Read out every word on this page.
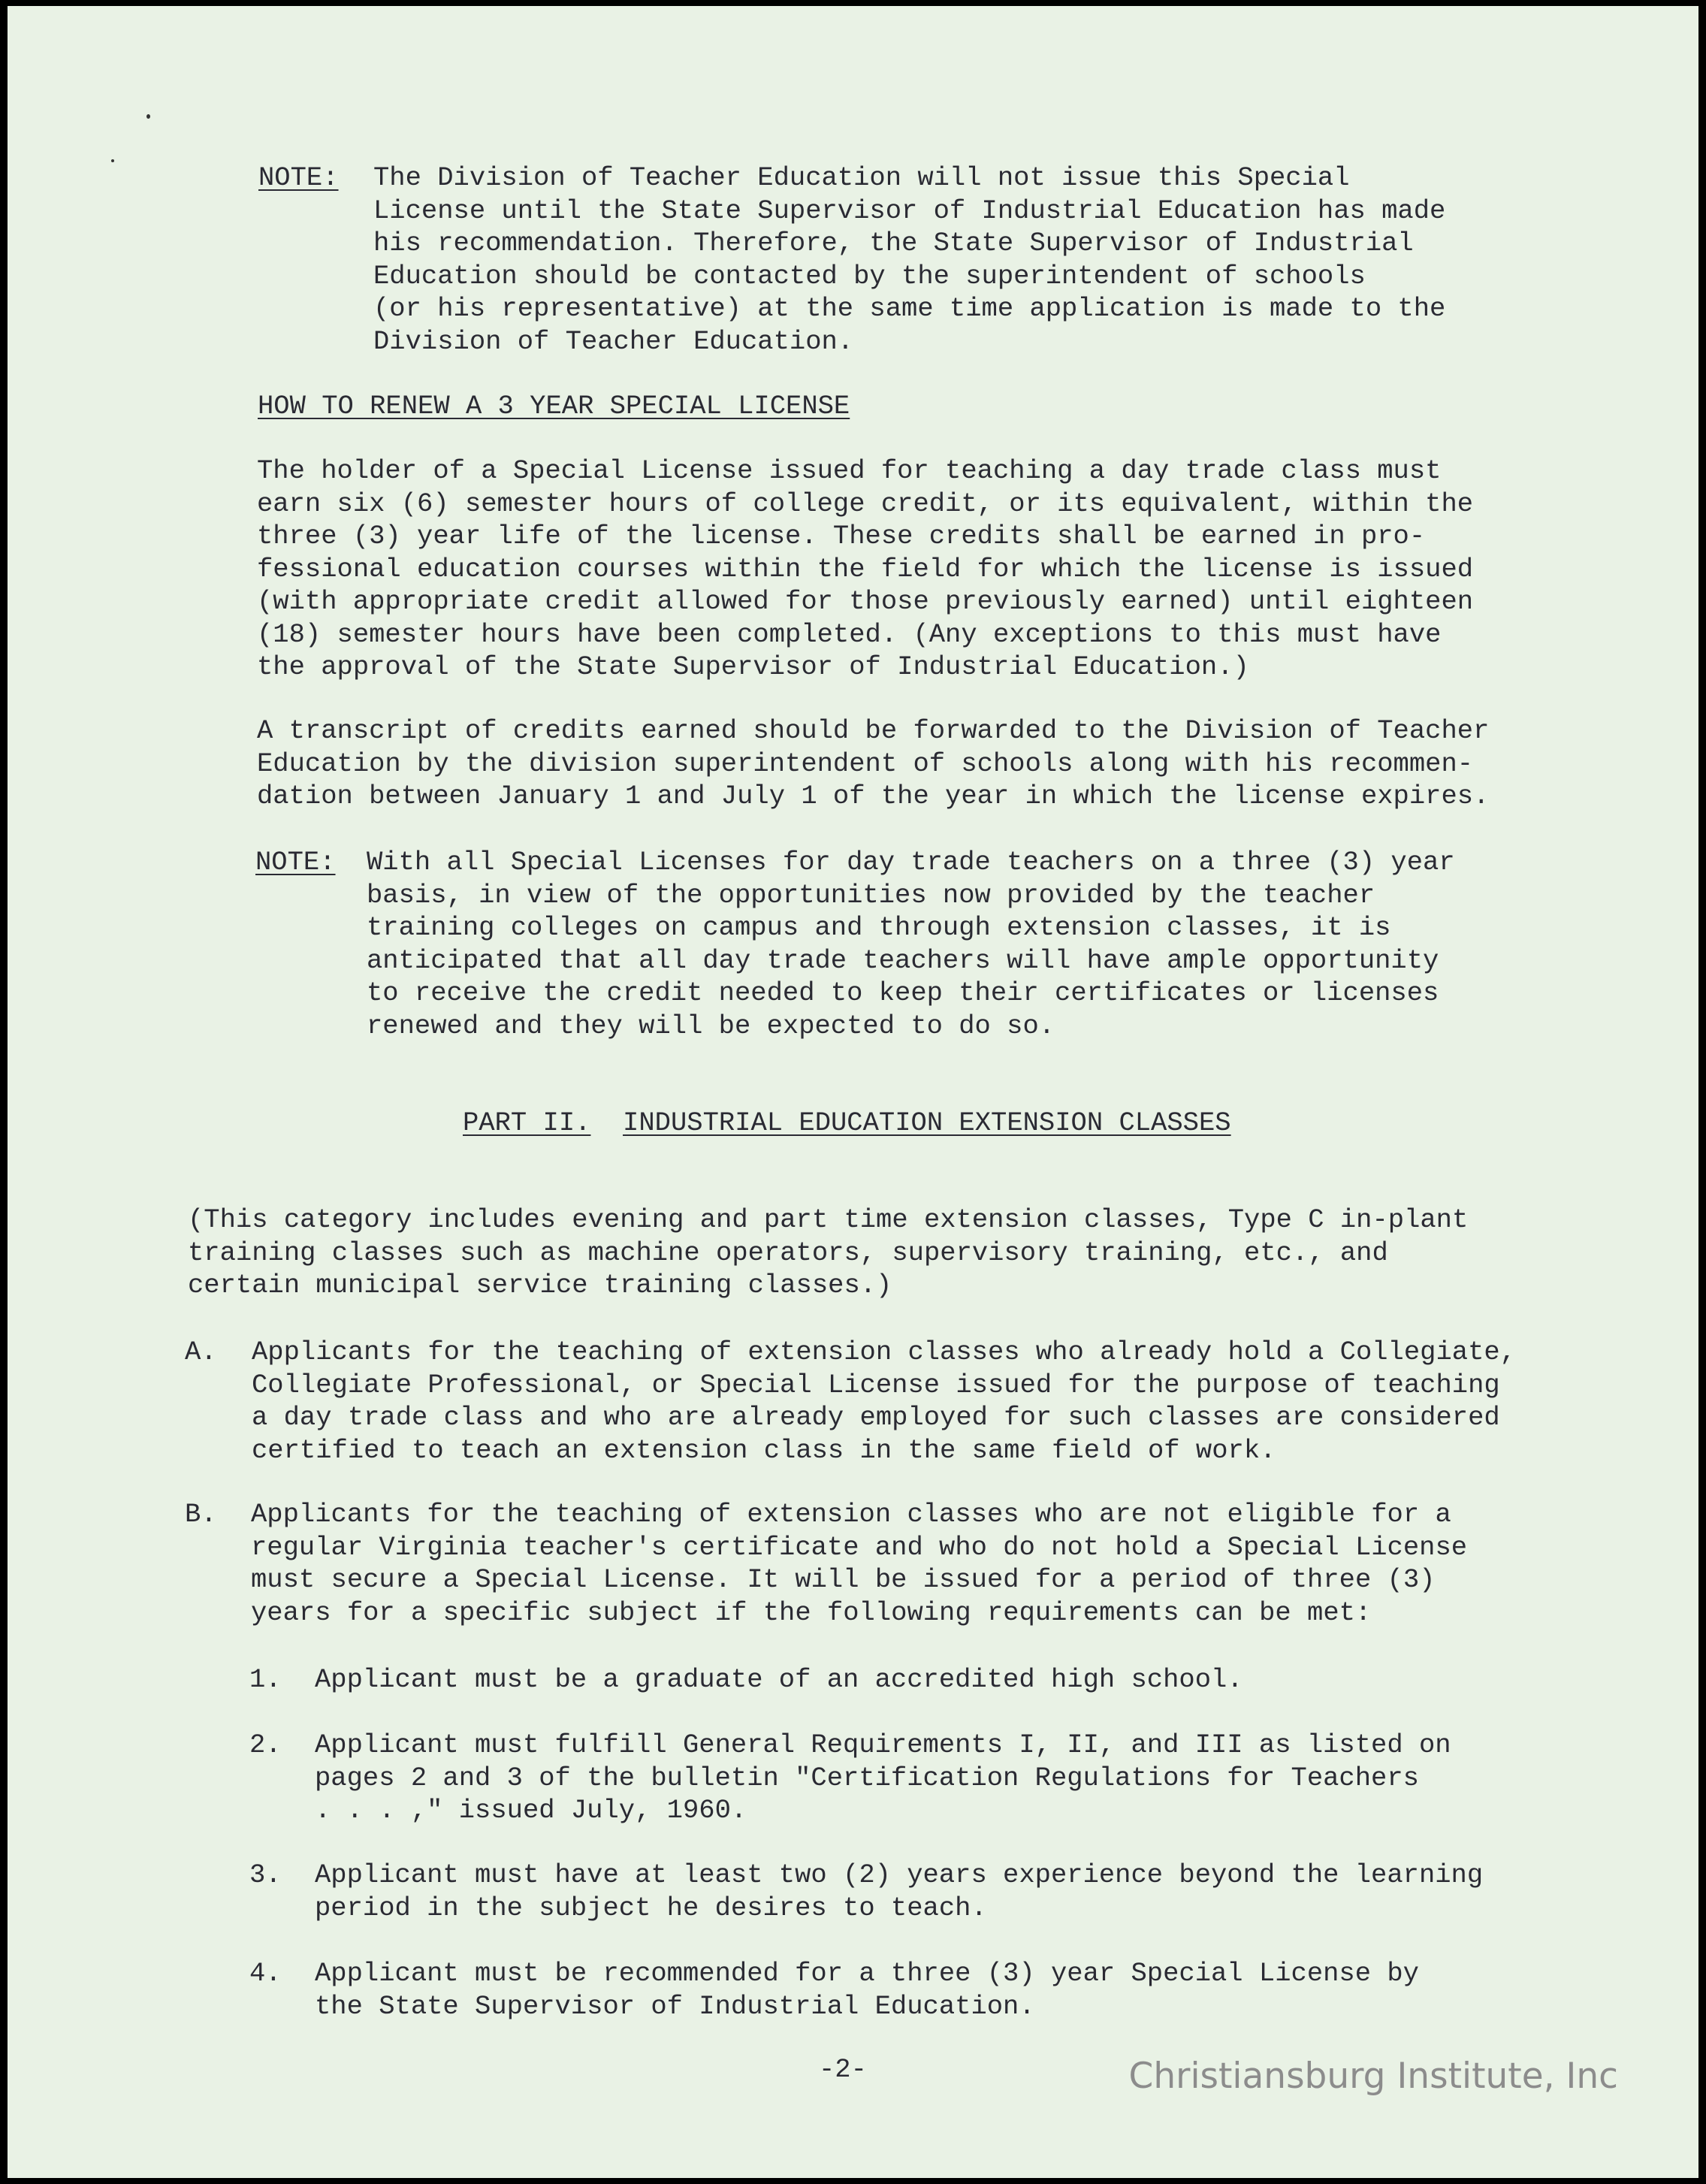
NOTE: The Division of Teacher Education will not issue this Special
License until the State Supervisor of Industrial Education has made
his recommendation. Therefore, the State Supervisor of Industrial
Education should be contacted by the superintendent of schools
(or his representative) at the same time application is made to the
Division of Teacher Education.
HOW TO RENEW A 3 YEAR SPECIAL LICENSE
The holder of a Special License issued for teaching a day trade class must
earn six (6) semester hours of college credit, or its equivalent, within the
three (3) year life of the license. These credits shall be earned in pro-
fessional education courses within the field for which the license is issued
(with appropriate credit allowed for those previously earned) until eighteen
(18) semester hours have been completed. (Any exceptions to this must have
the approval of the State Supervisor of Industrial Education.)
A transcript of credits earned should be forwarded to the Division of Teacher
Education by the division superintendent of schools along with his recommen-
dation between January 1 and July 1 of the year in which the license expires.
NOTE: With all Special Licenses for day trade teachers on a three (3) year
basis, in view of the opportunities now provided by the teacher
training colleges on campus and through extension classes, it is
anticipated that all day trade teachers will have ample opportunity
to receive the credit needed to keep their certificates or licenses
renewed and they will be expected to do so.
PART II. INDUSTRIAL EDUCATION EXTENSION CLASSES
(This category includes evening and part time extension classes, Type C in-plant
training classes such as machine operators, supervisory training, etc., and
certain municipal service training classes.)
A. Applicants for the teaching of extension classes who already hold a Collegiate,
Collegiate Professional, or Special License issued for the purpose of teaching
a day trade class and who are already employed for such classes are considered
certified to teach an extension class in the same field of work.
B. Applicants for the teaching of extension classes who are not eligible for a
regular Virginia teacher's certificate and who do not hold a Special License
must secure a Special License. It will be issued for a period of three (3)
years for a specific subject if the following requirements can be met:
1. Applicant must be a graduate of an accredited high school.
2. Applicant must fulfill General Requirements I, II, and III as listed on
pages 2 and 3 of the bulletin "Certification Regulations for Teachers
. . . ," issued July, 1960.
3. Applicant must have at least two (2) years experience beyond the learning
period in the subject he desires to teach.
4. Applicant must be recommended for a three (3) year Special License by
the State Supervisor of Industrial Education.
-2-	Christiansburg Institute, Inc
